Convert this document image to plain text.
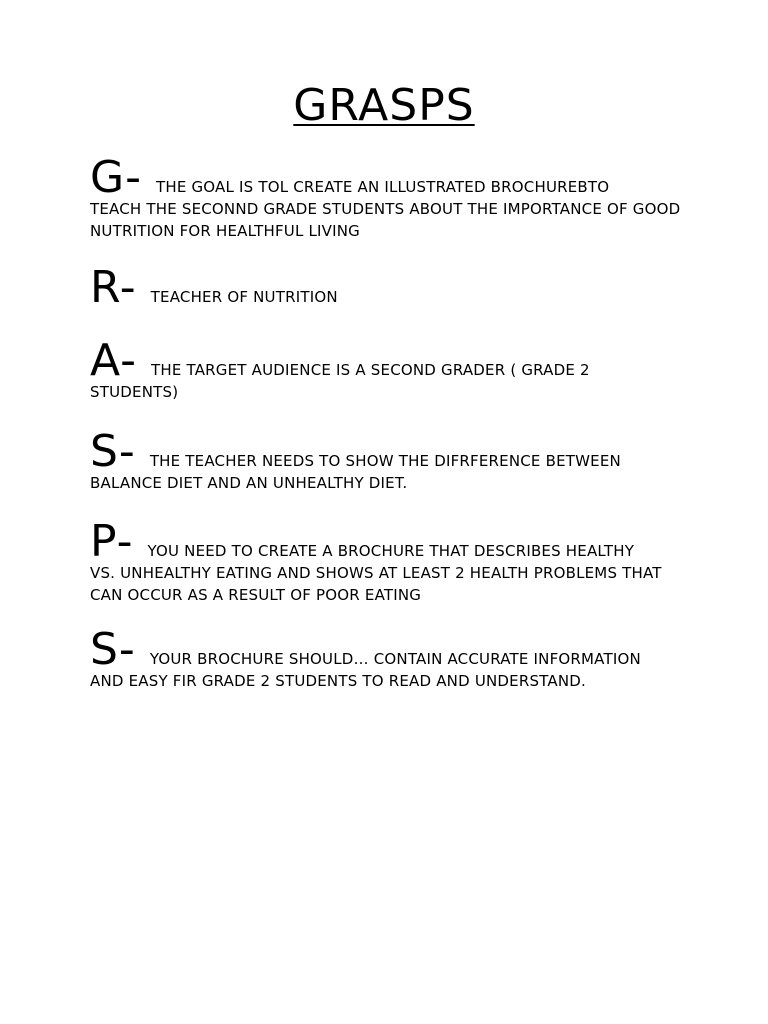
GRASPS
G- THE GOAL IS TOL CREATE AN ILLUSTRATED BROCHUREBTO
TEACH THE SECONND GRADE STUDENTS ABOUT THE IMPORTANCE OF GOOD NUTRITION FOR HEALTHFUL LIVING
R- TEACHER OF NUTRITION
A- THE TARGET AUDIENCE IS A SECOND GRADER ( GRADE 2
STUDENTS)
S- THE TEACHER NEEDS TO SHOW THE DIFRFERENCE BETWEEN
BALANCE DIET AND AN UNHEALTHY DIET.
P- YOU NEED TO CREATE A BROCHURE THAT DESCRIBES HEALTHY
VS. UNHEALTHY EATING AND SHOWS AT LEAST 2 HEALTH PROBLEMS THAT CAN OCCUR AS A RESULT OF POOR EATING
S- YOUR BROCHURE SHOULD… CONTAIN ACCURATE INFORMATION
AND EASY FIR GRADE 2 STUDENTS TO READ AND UNDERSTAND.
